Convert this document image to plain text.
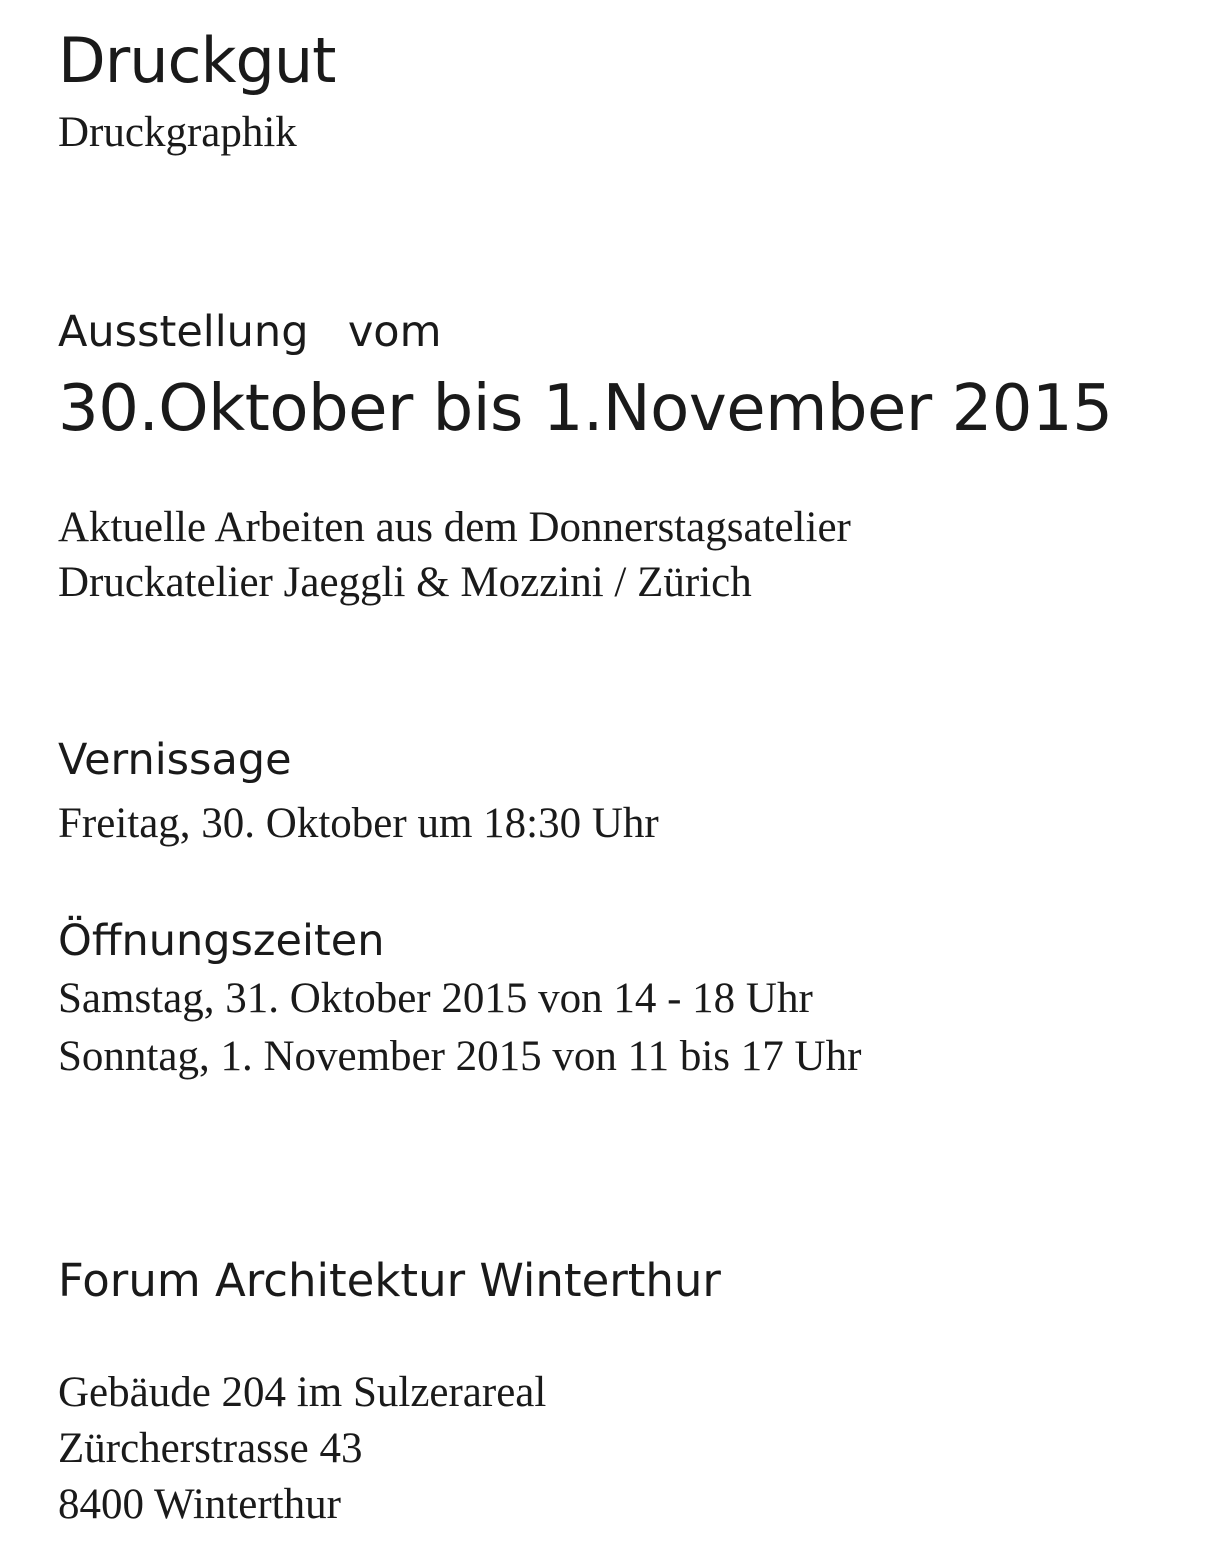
Druckgut
Druckgraphik
Ausstellung  vom
30.Oktober bis 1.November 2015
Aktuelle Arbeiten aus dem Donnerstagsatelier
Druckatelier Jaeggli & Mozzini / Zürich
Vernissage
Freitag, 30. Oktober um 18:30 Uhr
Öffnungszeiten
Samstag, 31. Oktober 2015 von 14 - 18 Uhr
Sonntag, 1. November 2015 von 11 bis 17 Uhr
Forum Architektur Winterthur
Gebäude 204 im Sulzerareal
Zürcherstrasse 43
8400 Winterthur
